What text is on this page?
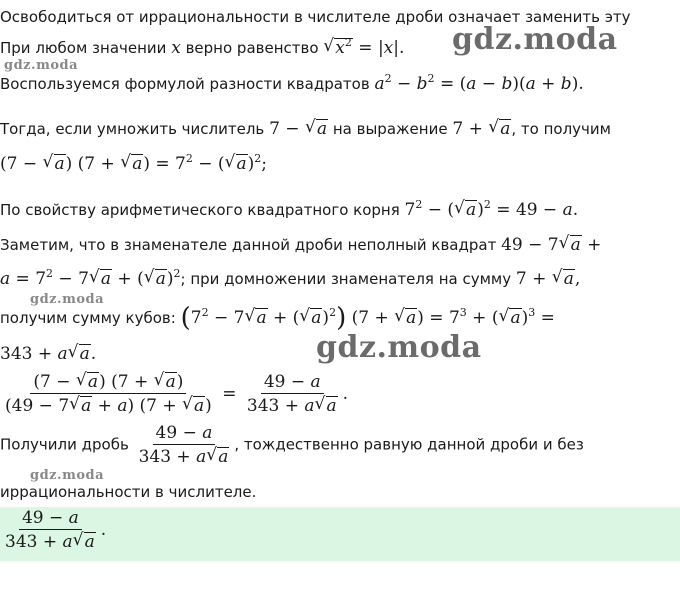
Освободиться от иррациональности в числителе дроби означает заменить эту
При любом значении x верно равенство √ $x^2 = |x|$. gdz.moda
gdz.moda
Воспользуемся формулой разности квадратов $a^2 - b^2 = (a - b)(a + b)$.
Тогда, если умножить числитель 7 − √ a на выражение 7 + √ a, то получим
(7 − √ a) (7 + √ $a) = 7^2$ − (√ a)$^2$;
По свойству арифметического квадратного корня $7^2$ − (√ a)$^2$ = 49 − a.
Заметим, что в знаменателе данной дроби неполный квадрат 49 − 7√ a +
$a = 7^2 - 7√$ a + (√ a)$^2$; при домножении знаменателя на сумму 7 + √ a,
gdz.moda
получим сумму кубов: ($7^2 - 7√$ a + (√ a)$^2$) (7 + √ $a) = 7^3$ + (√ a)$^3$ =
343 + a√ a.	gdz.moda
$\frac{(7 - √ a) (7 + √ a)}{(49 - 7√ a + a) (7 + √ a)} = \frac{49 - a}{343 + a√ a}$ .
Получили дробь $\frac{49 - a}{343 + a√ a}$ , тождественно равную данной дроби и без
gdz.moda
иррациональности в числителе.
$\frac{49 - a}{343 + a√ a}$ .
